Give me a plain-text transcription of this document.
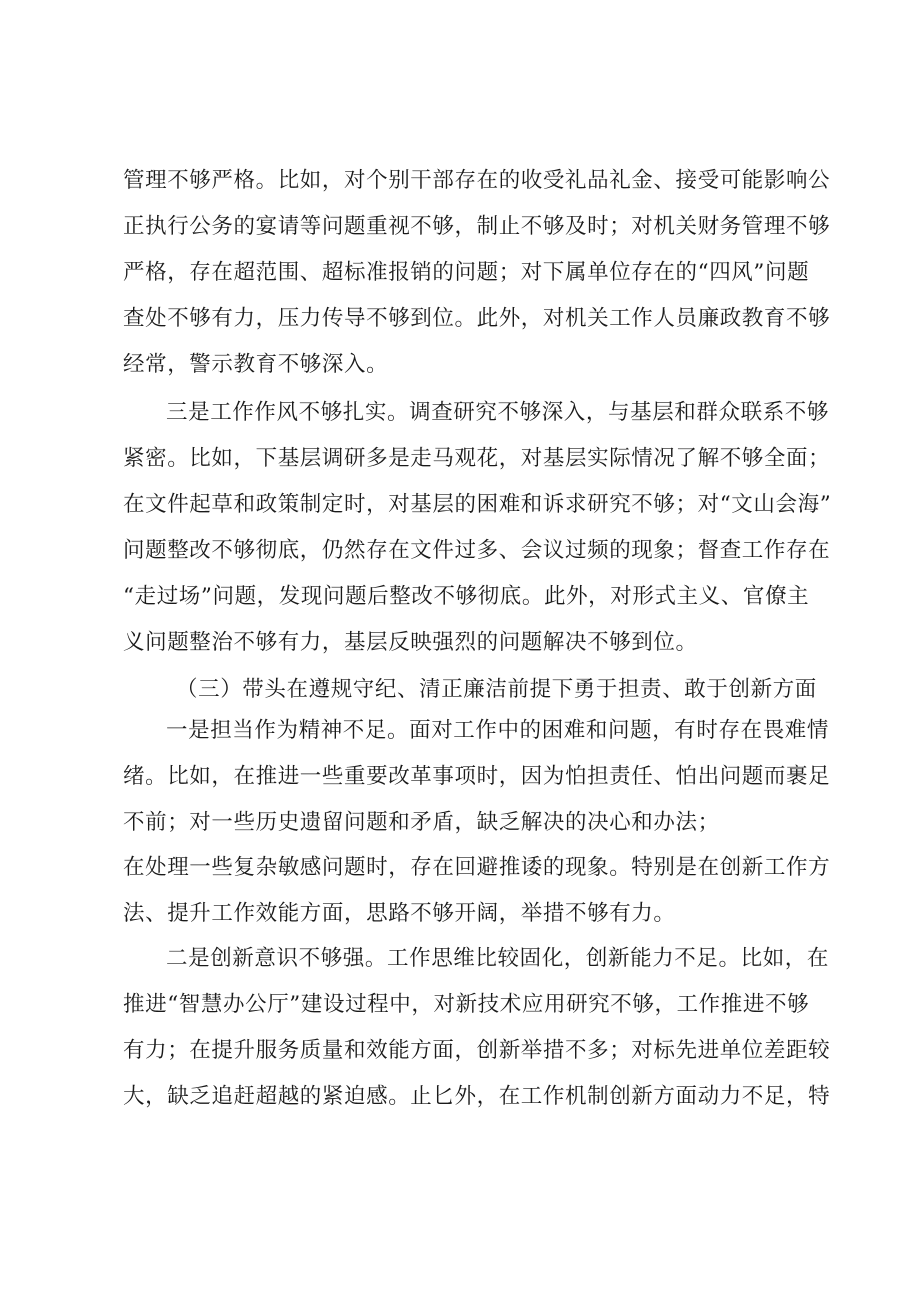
管理不够严格。比如，对个别干部存在的收受礼品礼金、接受可能影响公
正执行公务的宴请等问题重视不够，制止不够及时；对机关财务管理不够
严格，存在超范围、超标准报销的问题；对下属单位存在的“四风”问题
查处不够有力，压力传导不够到位。此外，对机关工作人员廉政教育不够
经常，警示教育不够深入。
三是工作作风不够扎实。调查研究不够深入，与基层和群众联系不够
紧密。比如，下基层调研多是走马观花，对基层实际情况了解不够全面；
在文件起草和政策制定时，对基层的困难和诉求研究不够；对“文山会海”
问题整改不够彻底，仍然存在文件过多、会议过频的现象；督查工作存在
“走过场”问题，发现问题后整改不够彻底。此外，对形式主义、官僚主
义问题整治不够有力，基层反映强烈的问题解决不够到位。
（三）带头在遵规守纪、清正廉洁前提下勇于担责、敢于创新方面
一是担当作为精神不足。面对工作中的困难和问题，有时存在畏难情
绪。比如，在推进一些重要改革事项时，因为怕担责任、怕出问题而裹足
不前；对一些历史遗留问题和矛盾，缺乏解决的决心和办法；
在处理一些复杂敏感问题时，存在回避推诿的现象。特别是在创新工作方
法、提升工作效能方面，思路不够开阔，举措不够有力。
二是创新意识不够强。工作思维比较固化，创新能力不足。比如，在
推进“智慧办公厅”建设过程中，对新技术应用研究不够，工作推进不够
有力；在提升服务质量和效能方面，创新举措不多；对标先进单位差距较
大，缺乏追赶超越的紧迫感。止匕外，在工作机制创新方面动力不足，特
